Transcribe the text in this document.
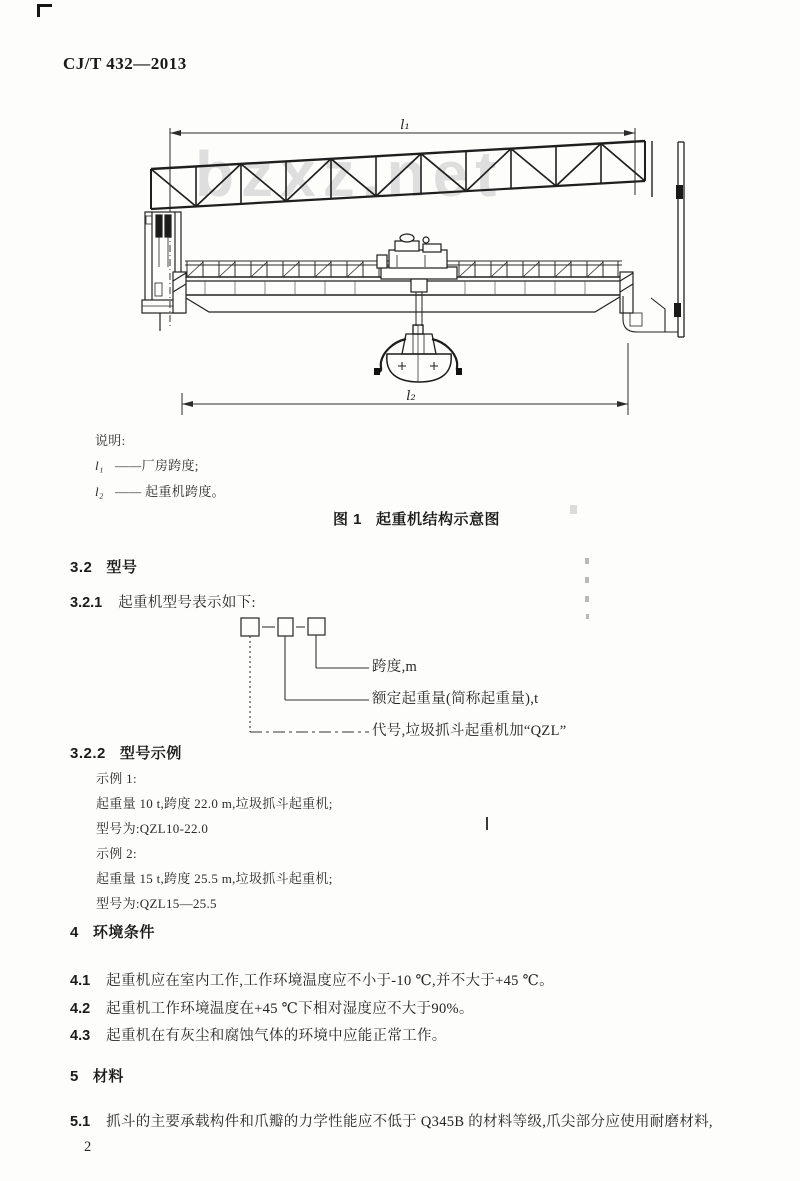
CJ/T 432—2013
bzxz.net
l₁
l₂
说明:
l₁ ——厂房跨度;
l₂ —— 起重机跨度。
图 1 起重机结构示意图
3.2 型号
3.2.1 起重机型号表示如下:
跨度,m
额定起重量(简称起重量),t
代号,垃圾抓斗起重机加“QZL”
3.2.2 型号示例
示例 1:
起重量 10 t,跨度 22.0 m,垃圾抓斗起重机;
型号为:QZL10-22.0
示例 2:
起重量 15 t,跨度 25.5 m,垃圾抓斗起重机;
型号为:QZL15—25.5
4 环境条件
4.1 起重机应在室内工作,工作环境温度应不小于-10 ℃,并不大于+45 ℃。
4.2 起重机工作环境温度在+45 ℃下相对湿度应不大于90%。
4.3 起重机在有灰尘和腐蚀气体的环境中应能正常工作。
5 材料
5.1 抓斗的主要承载构件和爪瓣的力学性能应不低于 Q345B 的材料等级,爪尖部分应使用耐磨材料,
2
